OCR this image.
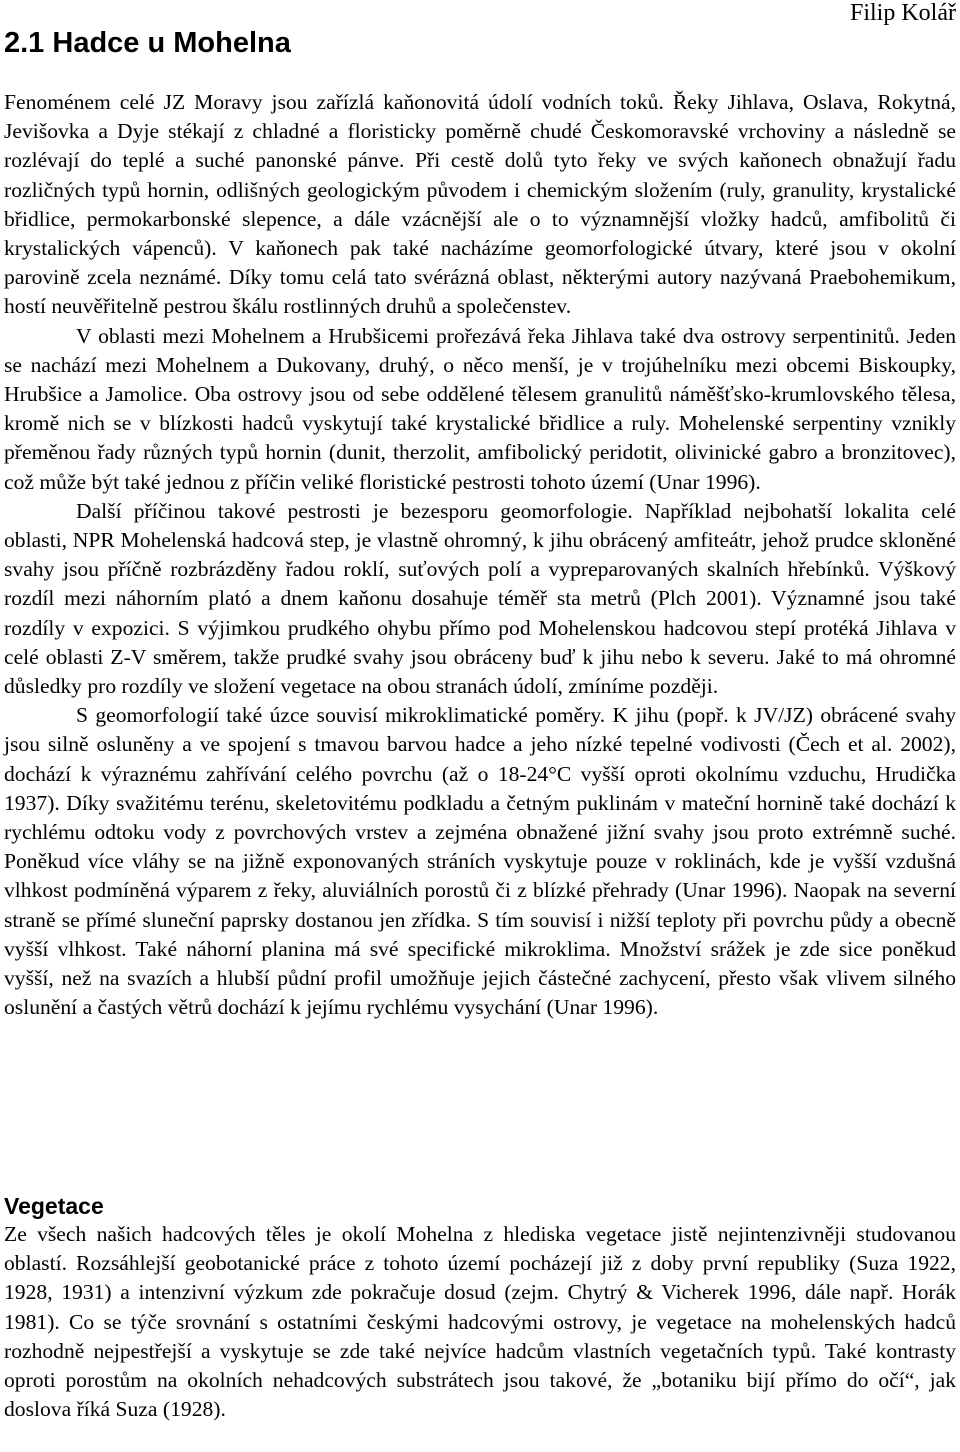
Filip Kolář
2.1 Hadce u Mohelna

Fenoménem celé JZ Moravy jsou zařízlá kaňonovitá údolí vodních toků. Řeky Jihlava, Oslava, Rokytná, Jevišovka a Dyje stékají z chladné a floristicky poměrně chudé Českomoravské vrchoviny a následně se rozlévají do teplé a suché panonské pánve. Při cestě dolů tyto řeky ve svých kaňonech obnažují řadu rozličných typů hornin, odlišných geologickým původem i chemickým složením (ruly, granulity, krystalické břidlice, permokarbonské slepence, a dále vzácnější ale o to významnější vložky hadců, amfibolitů či krystalických vápenců). V kaňonech pak také nacházíme geomorfologické útvary, které jsou v okolní parovině zcela neznámé. Díky tomu celá tato svérázná oblast, některými autory nazývaná Praebohemikum, hostí neuvěřitelně pestrou škálu rostlinných druhů a společenstev.

V oblasti mezi Mohelnem a Hrubšicemi prořezává řeka Jihlava také dva ostrovy serpentinitů. Jeden se nachází mezi Mohelnem a Dukovany, druhý, o něco menší, je v trojúhelníku mezi obcemi Biskoupky, Hrubšice a Jamolice. Oba ostrovy jsou od sebe oddělené tělesem granulitů náměšťsko-krumlovského tělesa, kromě nich se v blízkosti hadců vyskytují také krystalické břidlice a ruly. Mohelenské serpentiny vznikly přeměnou řady různých typů hornin (dunit, therzolit, amfibolický peridotit, olivinické gabro a bronzitovec), což může být také jednou z příčin veliké floristické pestrosti tohoto území (Unar 1996).

Další příčinou takové pestrosti je bezesporu geomorfologie. Například nejbohatší lokalita celé oblasti, NPR Mohelenská hadcová step, je vlastně ohromný, k jihu obrácený amfiteátr, jehož prudce skloněné svahy jsou příčně rozbrázděny řadou roklí, suťových polí a vypreparovaných skalních hřebínků. Výškový rozdíl mezi náhorním plató a dnem kaňonu dosahuje téměř sta metrů (Plch 2001). Významné jsou také rozdíly v expozici. S výjimkou prudkého ohybu přímo pod Mohelenskou hadcovou stepí protéká Jihlava v celé oblasti Z-V směrem, takže prudké svahy jsou obráceny buď k jihu nebo k severu. Jaké to má ohromné důsledky pro rozdíly ve složení vegetace na obou stranách údolí, zmíníme později.

S geomorfologií také úzce souvisí mikroklimatické poměry. K jihu (popř. k JV/JZ) obrácené svahy jsou silně osluněny a ve spojení s tmavou barvou hadce a jeho nízké tepelné vodivosti (Čech et al. 2002), dochází k výraznému zahřívání celého povrchu (až o 18-24°C vyšší oproti okolnímu vzduchu, Hrudička 1937). Díky svažitému terénu, skeletovitému podkladu a četným puklinám v mateční hornině také dochází k rychlému odtoku vody z povrchových vrstev a zejména obnažené jižní svahy jsou proto extrémně suché. Poněkud více vláhy se na jižně exponovaných stráních vyskytuje pouze v roklinách, kde je vyšší vzdušná vlhkost podmíněná výparem z řeky, aluviálních porostů či z blízké přehrady (Unar 1996). Naopak na severní straně se přímé sluneční paprsky dostanou jen zřídka. S tím souvisí i nižší teploty při povrchu půdy a obecně vyšší vlhkost. Také náhorní planina má své specifické mikroklima. Množství srážek je zde sice poněkud vyšší, než na svazích a hlubší půdní profil umožňuje jejich částečné zachycení, přesto však vlivem silného oslunění a častých větrů dochází k jejímu rychlému vysychání (Unar 1996).

Vegetace

Ze všech našich hadcových těles je okolí Mohelna z hlediska vegetace jistě nejintenzivněji studovanou oblastí. Rozsáhlejší geobotanické práce z tohoto území pocházejí již z doby první republiky (Suza 1922, 1928, 1931) a intenzivní výzkum zde pokračuje dosud (zejm. Chytrý & Vicherek 1996, dále např. Horák 1981). Co se týče srovnání s ostatními českými hadcovými ostrovy, je vegetace na mohelenských hadců rozhodně nejpestřejší a vyskytuje se zde také nejvíce hadcům vlastních vegetačních typů. Také kontrasty oproti porostům na okolních nehadcových substrátech jsou takové, že „botaniku bijí přímo do očí“, jak doslova říká Suza (1928).
